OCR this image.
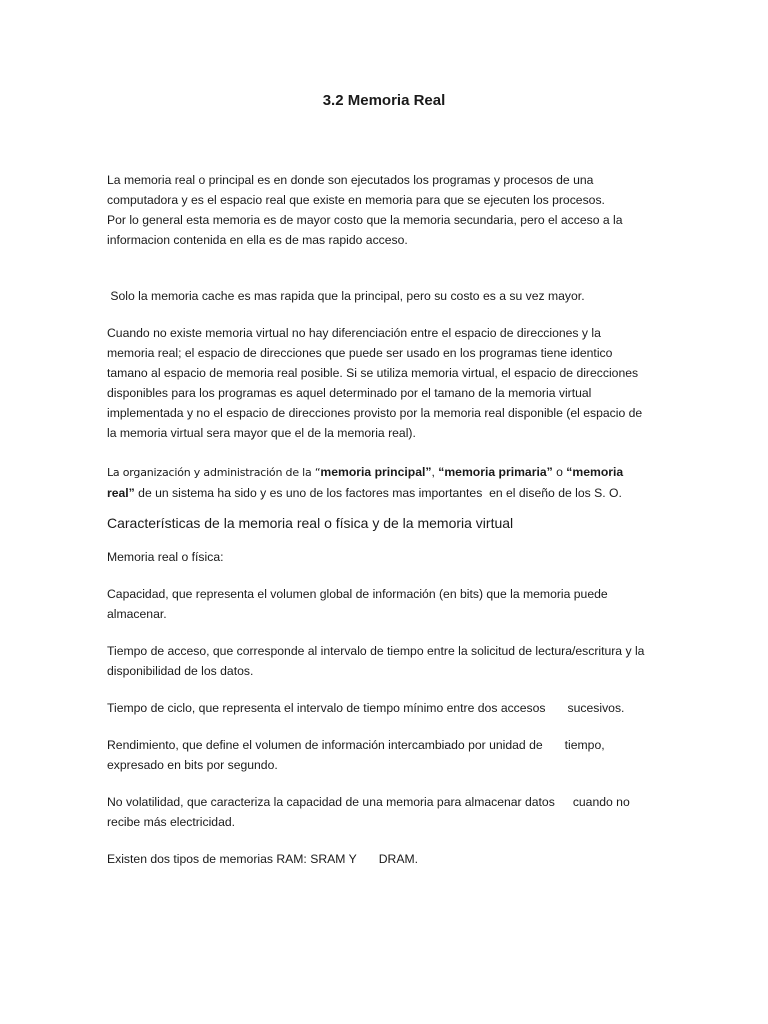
3.2 Memoria Real

La memoria real o principal es en donde son ejecutados los programas y procesos de una
computadora y es el espacio real que existe en memoria para que se ejecuten los procesos.
Por lo general esta memoria es de mayor costo que la memoria secundaria, pero el acceso a la
informacion contenida en ella es de mas rapido acceso.

Solo la memoria cache es mas rapida que la principal, pero su costo es a su vez mayor.

Cuando no existe memoria virtual no hay diferenciación entre el espacio de direcciones y la
memoria real; el espacio de direcciones que puede ser usado en los programas tiene identico
tamano al espacio de memoria real posible. Si se utiliza memoria virtual, el espacio de direcciones
disponibles para los programas es aquel determinado por el tamano de la memoria virtual
implementada y no el espacio de direcciones provisto por la memoria real disponible (el espacio de
la memoria virtual sera mayor que el de la memoria real).

La organización y administración de la “memoria principal”, “memoria primaria” o “memoria
real” de un sistema ha sido y es uno de los factores mas importantes  en el diseño de los S. O.

Características de la memoria real o física y de la memoria virtual

Memoria real o física:

Capacidad, que representa el volumen global de información (en bits) que la memoria puede
almacenar.

Tiempo de acceso, que corresponde al intervalo de tiempo entre la solicitud de lectura/escritura y la
disponibilidad de los datos.

Tiempo de ciclo, que representa el intervalo de tiempo mínimo entre dos accesos sucesivos.

Rendimiento, que define el volumen de información intercambiado por unidad de tiempo,
expresado en bits por segundo.

No volatilidad, que caracteriza la capacidad de una memoria para almacenar datos cuando no
recibe más electricidad.

Existen dos tipos de memorias RAM: SRAM Y DRAM.
